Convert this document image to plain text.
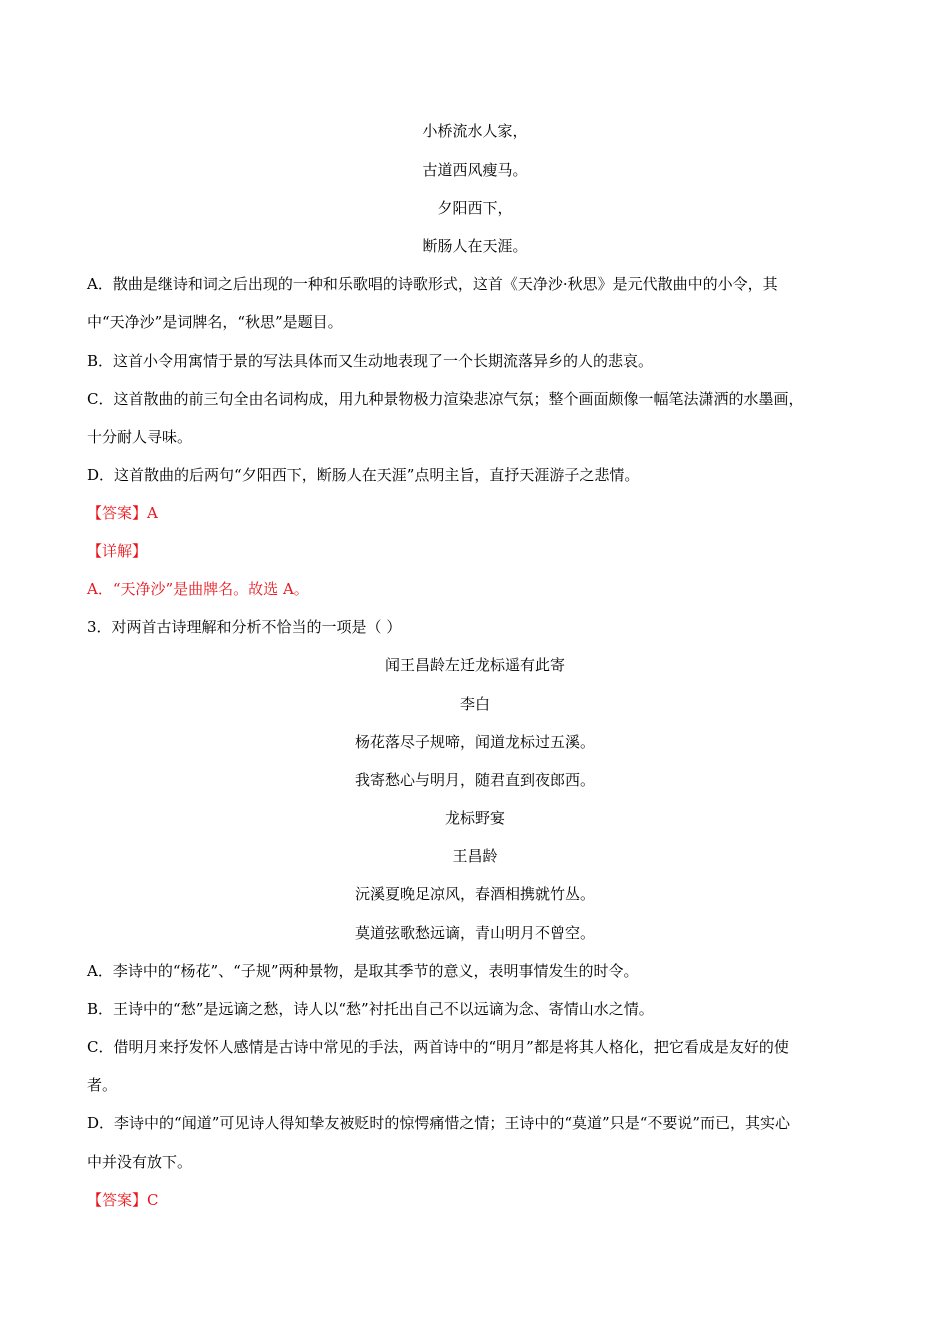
小桥流水人家，
古道西风瘦马。
夕阳西下，
断肠人在天涯。
A．散曲是继诗和词之后出现的一种和乐歌唱的诗歌形式，这首《天净沙·秋思》是元代散曲中的小令，其
中“天净沙”是词牌名，“秋思”是题目。
B．这首小令用寓情于景的写法具体而又生动地表现了一个长期流落异乡的人的悲哀。
C．这首散曲的前三句全由名词构成，用九种景物极力渲染悲凉气氛；整个画面颇像一幅笔法潇洒的水墨画，
十分耐人寻味。
D．这首散曲的后两句“夕阳西下，断肠人在天涯”点明主旨，直抒天涯游子之悲情。
【答案】A
【详解】
A．“天净沙”是曲牌名。故选 A。
3．对两首古诗理解和分析不恰当的一项是（ ）
闻王昌龄左迁龙标遥有此寄
李白
杨花落尽子规啼，闻道龙标过五溪。
我寄愁心与明月，随君直到夜郎西。
龙标野宴
王昌龄
沅溪夏晚足凉风，春酒相携就竹丛。
莫道弦歌愁远谪，青山明月不曾空。
A．李诗中的“杨花”、“子规”两种景物，是取其季节的意义，表明事情发生的时令。
B．王诗中的“愁”是远谪之愁，诗人以“愁”衬托出自己不以远谪为念、寄情山水之情。
C．借明月来抒发怀人感情是古诗中常见的手法，两首诗中的“明月”都是将其人格化，把它看成是友好的使
者。
D．李诗中的“闻道”可见诗人得知挚友被贬时的惊愕痛惜之情；王诗中的“莫道”只是“不要说”而已，其实心
中并没有放下。
【答案】C
